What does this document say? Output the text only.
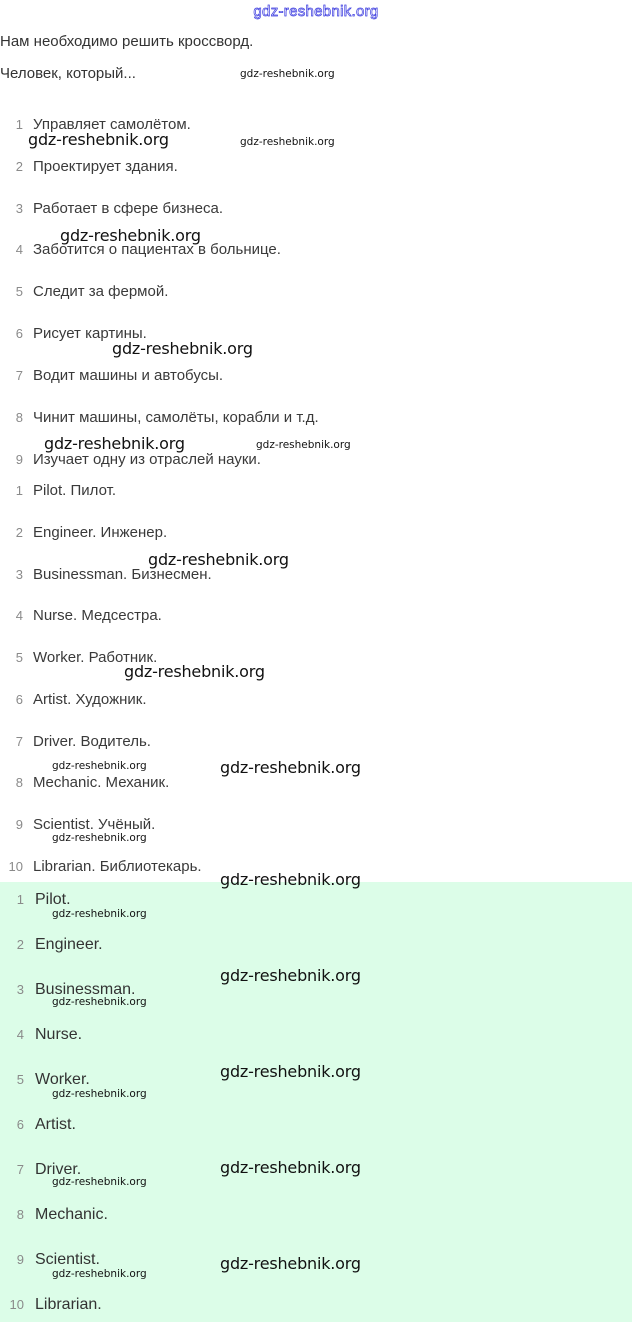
gdz-reshebnik.org
Нам необходимо решить кроссворд.
Человек, который...
1 Управляет самолётом.
2 Проектирует здания.
3 Работает в сфере бизнеса.
4 Заботится о пациентах в больнице.
5 Следит за фермой.
6 Рисует картины.
7 Водит машины и автобусы.
8 Чинит машины, самолёты, корабли и т.д.
9 Изучает одну из отраслей науки.
1 Pilot. Пилот.
2 Engineer. Инженер.
3 Businessman. Бизнесмен.
4 Nurse. Медсестра.
5 Worker. Работник.
6 Artist. Художник.
7 Driver. Водитель.
8 Mechanic. Механик.
9 Scientist. Учёный.
10 Librarian. Библиотекарь.
1 Pilot.
2 Engineer.
3 Businessman.
4 Nurse.
5 Worker.
6 Artist.
7 Driver.
8 Mechanic.
9 Scientist.
10 Librarian.
gdz-reshebnik.org
gdz-reshebnik.org	gdz-reshebnik.org
gdz-reshebnik.org
gdz-reshebnik.org
gdz-reshebnik.org	gdz-reshebnik.org
gdz-reshebnik.org
gdz-reshebnik.org
gdz-reshebnik.org	gdz-reshebnik.org
gdz-reshebnik.org
gdz-reshebnik.org
gdz-reshebnik.org
gdz-reshebnik.org
gdz-reshebnik.org
gdz-reshebnik.org
gdz-reshebnik.org
gdz-reshebnik.org
gdz-reshebnik.org
gdz-reshebnik.org
gdz-reshebnik.org
